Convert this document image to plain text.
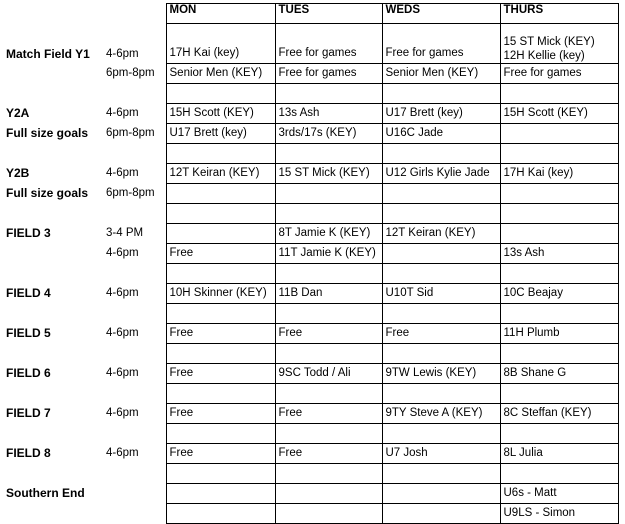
		MON	TUES	WEDS	THURS
Match Field Y1	4-6pm	17H Kai (key)	Free for games	Free for games	15 ST Mick (KEY) 12H Kellie (key)
	6pm-8pm	Senior Men (KEY)	Free for games	Senior Men (KEY)	Free for games

Y2A	4-6pm	15H Scott (KEY)	13s Ash	U17 Brett (key)	15H Scott (KEY)
Full size goals	6pm-8pm	U17 Brett (key)	3rds/17s (KEY)	U16C Jade	

Y2B	4-6pm	12T Keiran (KEY)	15 ST Mick (KEY)	U12 Girls Kylie Jade	17H Kai (key)
Full size goals	6pm-8pm				

FIELD 3	3-4 PM		8T Jamie K (KEY)	12T Keiran (KEY)	
	4-6pm	Free	11T Jamie K (KEY)		13s Ash

FIELD 4	4-6pm	10H Skinner (KEY)	11B Dan	U10T Sid	10C Beajay

FIELD 5	4-6pm	Free	Free	Free	11H Plumb

FIELD 6	4-6pm	Free	9SC Todd / Ali	9TW Lewis (KEY)	8B Shane G

FIELD 7	4-6pm	Free	Free	9TY Steve A (KEY)	8C Steffan (KEY)

FIELD 8	4-6pm	Free	Free	U7 Josh	8L Julia

Southern End					U6s - Matt
					U9LS - Simon
